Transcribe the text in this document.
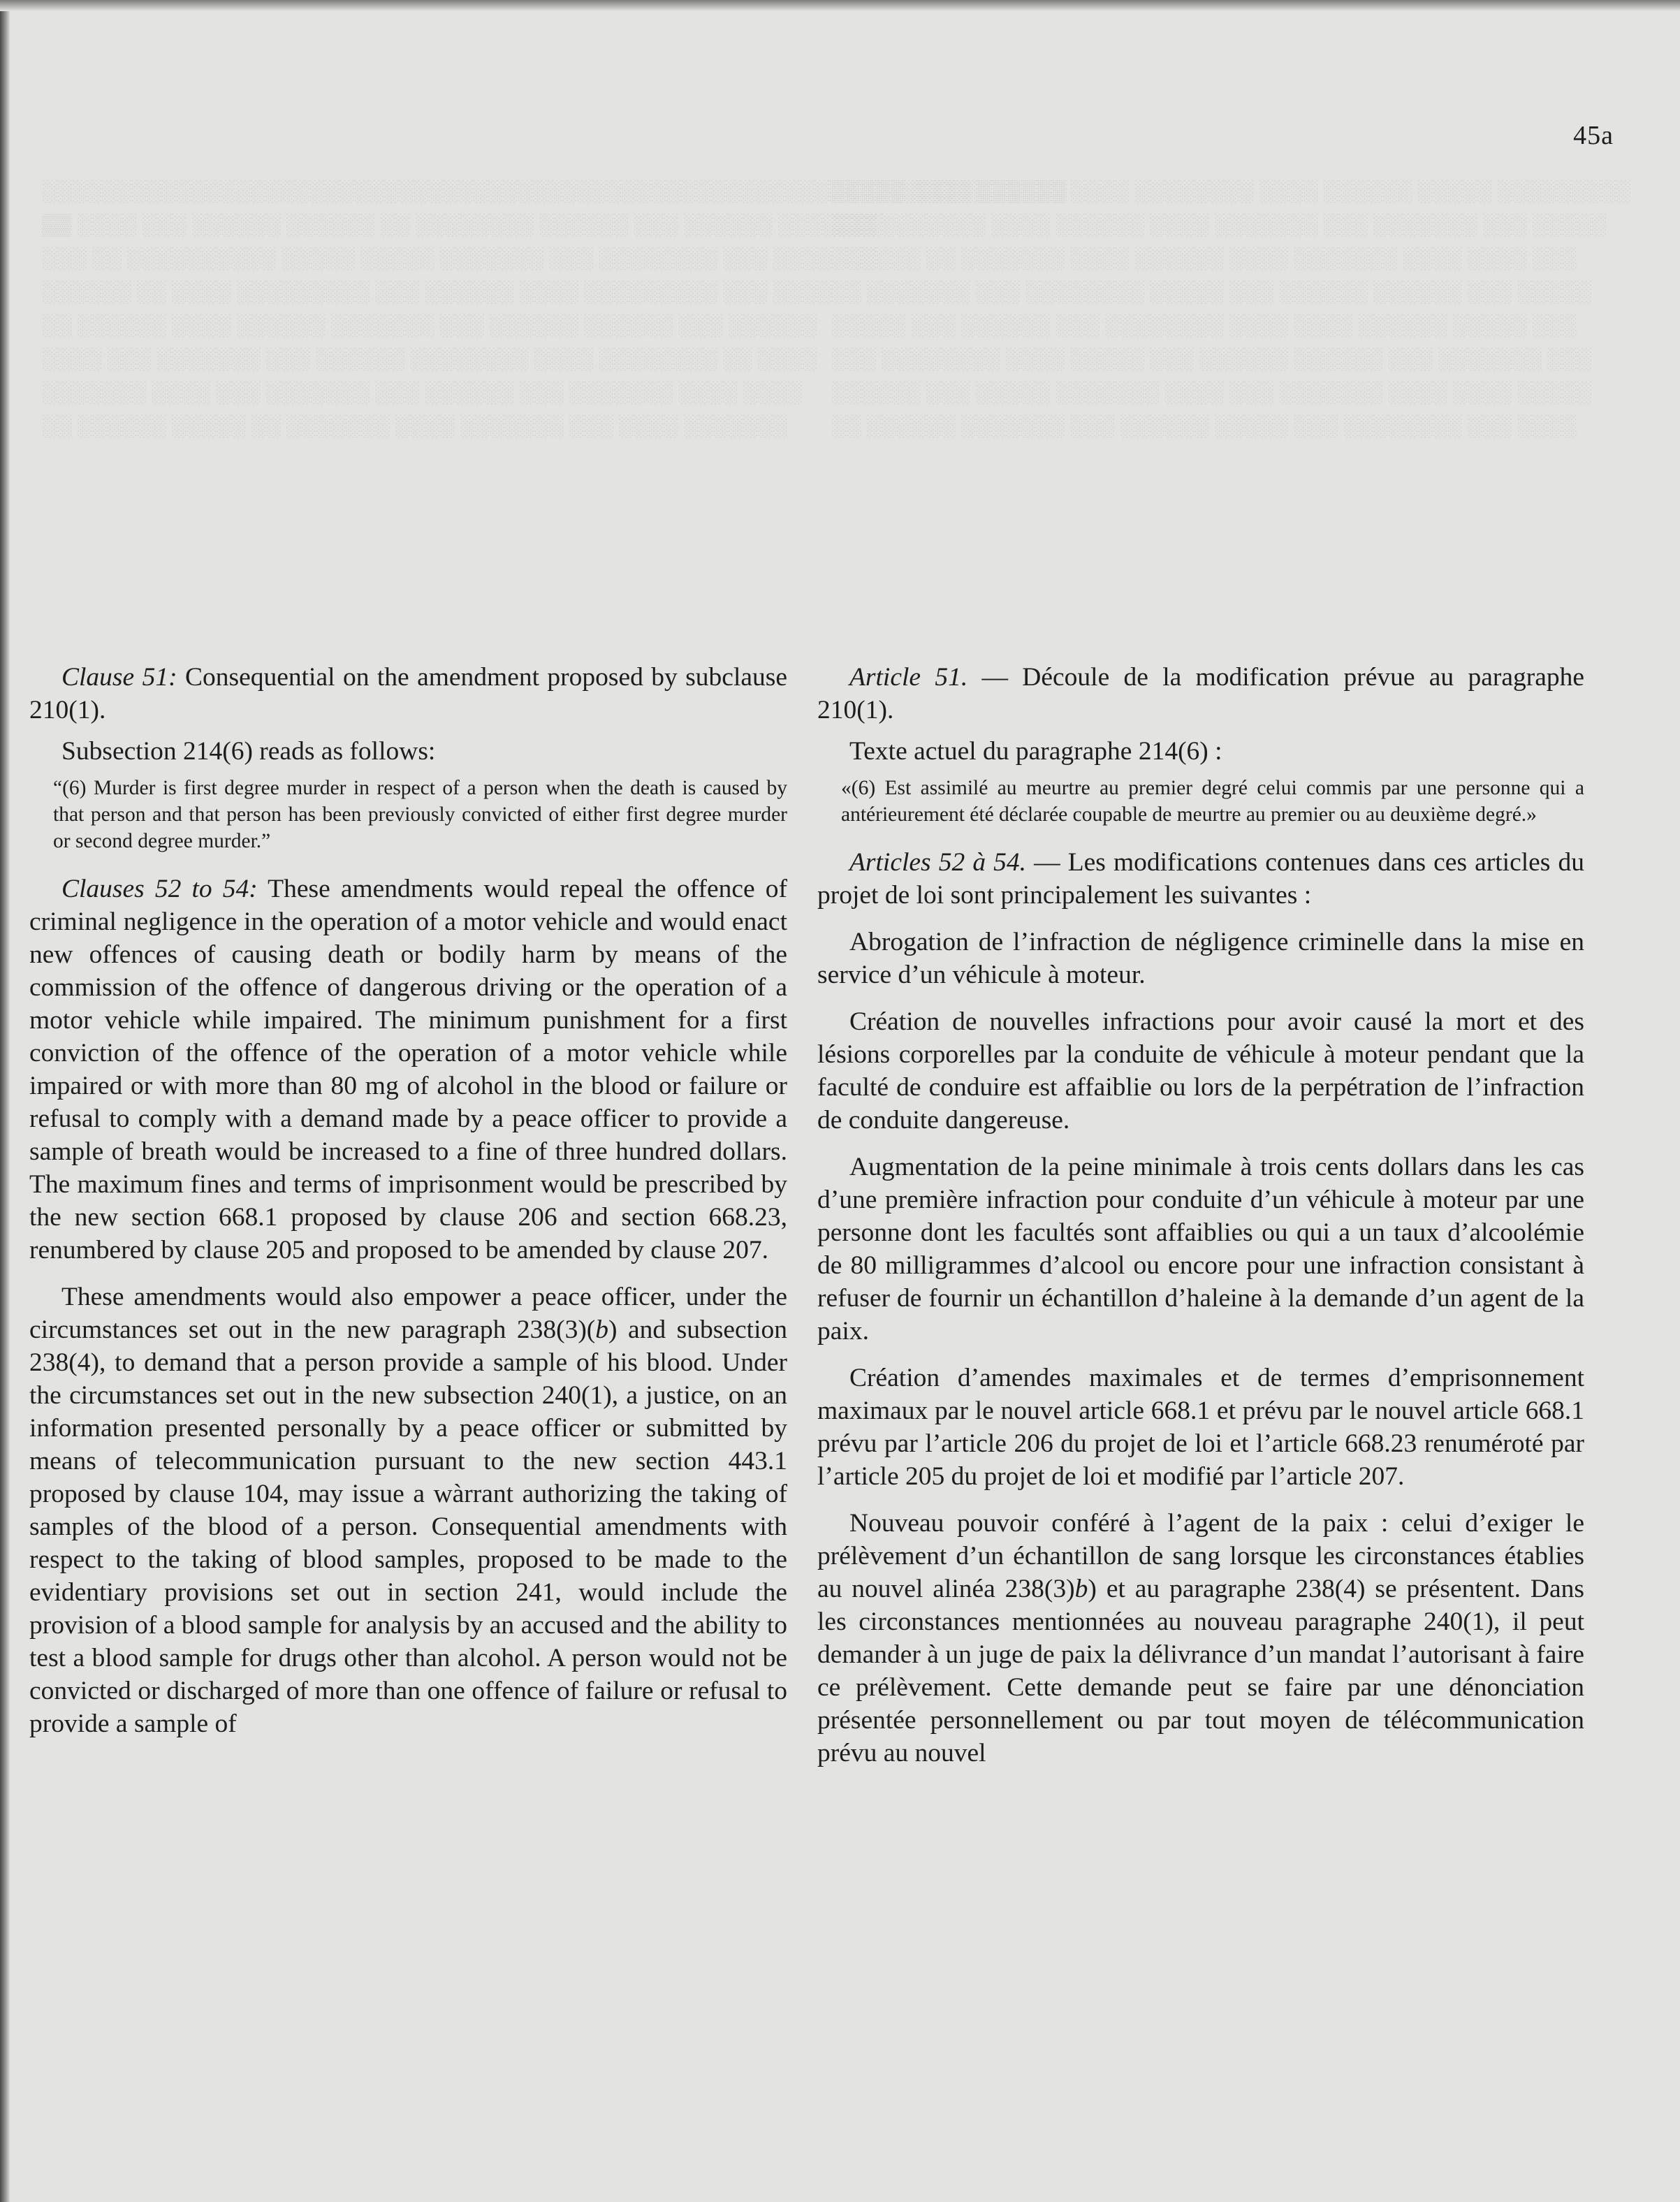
░░░░░░░░░░░░░░░░░░░░░░░░░░░░░░░░░░░░░░░░░░░░░░░░░░░░░░░░░░░░░░░░░░░░░
▒▒ ░░░░ ░░░ ░░░░░░ ░░░░░░ ░░ ░░░░░░░░ ░░░░░░ ░░░ ░░░░░░ ░░░░░░░
░░░ ░░ ░░░░░░░░░░ ░░░░░ ░░░░░ ░░░░░░░ ░░░ ░░░░░░░░ ░░░ ░░░░░░░
░░░░░░ ░░ ░░░░ ░░░░░░░░░ ░░░ ░░░░░░ ░░░░ ░░░░░░░░░ ░░░ ░░░░
░░ ░░░░░░ ░░░░ ░░░░░░ ░░░░░░░ ░░░ ░░░░░░ ░░░░░░ ░░░ ░░░░░░
░░░░ ░░░ ░░░░░░░ ░░░ ░░░░░░ ░░░░░░░░ ░░░░ ░░░░░░░░ ░░ ░░░░
░░░░░░░ ░░░░ ░░░ ░░░░░░░ ░░░ ░░░░░░ ░░░ ░░░░░░░ ░░░░ ░░░░
░░ ░░░░░░ ░░░░░ ░░ ░░░░░░░ ░░░░ ░░░░░░░ ░░░ ░░░░ ░░░░░░░
░░░░░ ░░░░ ░░░░░░ ░░░░ ░░░░░░░░ ░░░░ ░░░░░░ ░░░░░ ░░░░░░░░░
░░░ ░░░░░░░ ░░░░ ░░░░░░ ░░░░ ░░░░░░░ ░░░ ░░░░░░░ ░░░ ░░░░░
░░░░░░ ░░ ░░░░░░░ ░░░░ ░░░░░░ ░░░░ ░░░░░░░ ░░░░ ░░░░ ░░░
░░ ░░░░░░░ ░░░ ░░░░░░░░ ░░░░░ ░░░ ░░░░░░ ░░░░░░ ░░░ ░░░░░
░░░░░ ░░░ ░░░░░░ ░░░ ░░░░░░░░ ░░░░ ░░░░ ░░░░░░ ░░░░░ ░░░
░░░ ░░░░░░░░ ░░░░ ░░░░░ ░░░ ░░░░░░ ░░░░░░ ░░░ ░░░░░░░ ░░░
░░░░░░ ░░░ ░░░░░ ░░░░░░░ ░░░░ ░░░ ░░░░░░░ ░░░░ ░░░░ ░░░░░
░░ ░░░░░░ ░░░░░░░ ░░░ ░░░░░░ ░░░░░ ░░░ ░░░░░░░░ ░░░ ░░░░
45a

Clause 51: Consequential on the amendment proposed by subclause 210(1).

Subsection 214(6) reads as follows:

“(6) Murder is first degree murder in respect of a person when the death is caused by that person and that person has been previously convicted of either first degree murder or second degree murder.”

Clauses 52 to 54: These amendments would repeal the offence of criminal negligence in the operation of a motor vehicle and would enact new offences of causing death or bodily harm by means of the commission of the offence of dangerous driving or the operation of a motor vehicle while impaired. The minimum punishment for a first conviction of the offence of the operation of a motor vehicle while impaired or with more than 80 mg of alcohol in the blood or failure or refusal to comply with a demand made by a peace officer to provide a sample of breath would be increased to a fine of three hundred dollars. The maximum fines and terms of imprisonment would be prescribed by the new section 668.1 proposed by clause 206 and section 668.23, renumbered by clause 205 and proposed to be amended by clause 207.

These amendments would also empower a peace officer, under the circumstances set out in the new paragraph 238(3)(b) and subsection 238(4), to demand that a person provide a sample of his blood. Under the circumstances set out in the new subsection 240(1), a justice, on an information presented personally by a peace officer or submitted by means of telecommunication pursuant to the new section 443.1 proposed by clause 104, may issue a wàrrant authorizing the taking of samples of the blood of a person. Consequential amendments with respect to the taking of blood samples, proposed to be made to the evidentiary provisions set out in section 241, would include the provision of a blood sample for analysis by an accused and the ability to test a blood sample for drugs other than alcohol. A person would not be convicted or discharged of more than one offence of failure or refusal to provide a sample of

Article 51. — Découle de la modification prévue au paragraphe 210(1).

Texte actuel du paragraphe 214(6) :

«(6) Est assimilé au meurtre au premier degré celui commis par une personne qui a antérieurement été déclarée coupable de meurtre au premier ou au deuxième degré.»

Articles 52 à 54. — Les modifications contenues dans ces articles du projet de loi sont principalement les suivantes :

Abrogation de l’infraction de négligence criminelle dans la mise en service d’un véhicule à moteur.

Création de nouvelles infractions pour avoir causé la mort et des lésions corporelles par la conduite de véhicule à moteur pendant que la faculté de conduire est affaiblie ou lors de la perpétration de l’infraction de conduite dangereuse.

Augmentation de la peine minimale à trois cents dollars dans les cas d’une première infraction pour conduite d’un véhicule à moteur par une personne dont les facultés sont affaiblies ou qui a un taux d’alcoolémie de 80 milligrammes d’alcool ou encore pour une infraction consistant à refuser de fournir un échantillon d’haleine à la demande d’un agent de la paix.

Création d’amendes maximales et de termes d’emprisonnement maximaux par le nouvel article 668.1 et prévu par le nouvel article 668.1 prévu par l’article 206 du projet de loi et l’article 668.23 renuméroté par l’article 205 du projet de loi et modifié par l’article 207.

Nouveau pouvoir conféré à l’agent de la paix : celui d’exiger le prélèvement d’un échantillon de sang lorsque les circonstances établies au nouvel alinéa 238(3)b) et au paragraphe 238(4) se présentent. Dans les circonstances mentionnées au nouveau paragraphe 240(1), il peut demander à un juge de paix la délivrance d’un mandat l’autorisant à faire ce prélèvement. Cette demande peut se faire par une dénonciation présentée personnellement ou par tout moyen de télécommunication prévu au nouvel
